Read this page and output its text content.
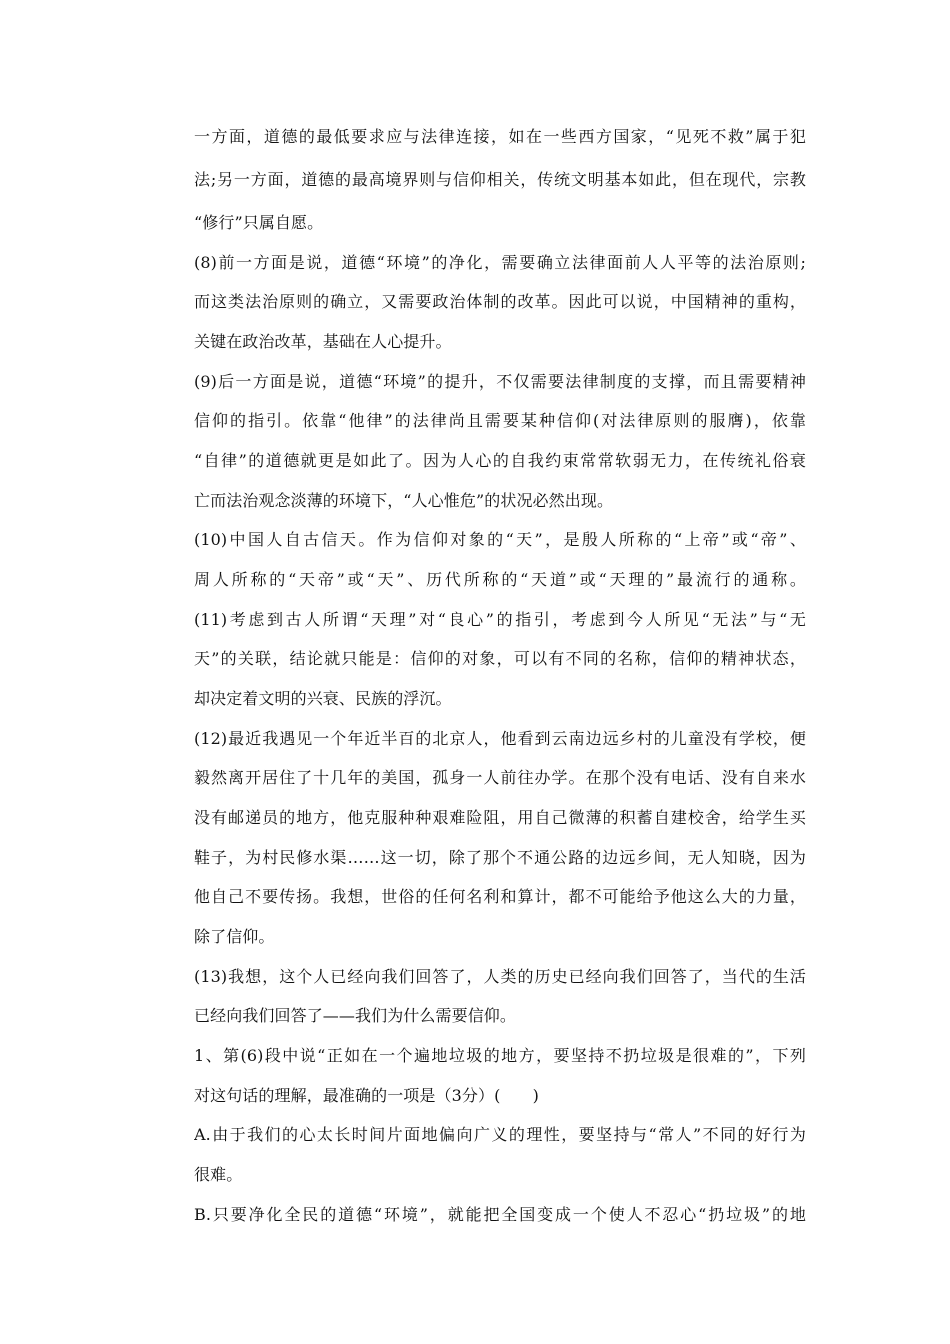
一方面，道德的最低要求应与法律连接，如在一些西方国家，“见死不救”属于犯
法;另一方面，道德的最高境界则与信仰相关，传统文明基本如此，但在现代，宗教
“修行”只属自愿。
(8)前一方面是说，道德“环境”的净化，需要确立法律面前人人平等的法治原则;
而这类法治原则的确立，又需要政治体制的改革。因此可以说，中国精神的重构，
关键在政治改革，基础在人心提升。
(9)后一方面是说，道德“环境”的提升，不仅需要法律制度的支撑，而且需要精神
信仰的指引。依靠“他律”的法律尚且需要某种信仰(对法律原则的服膺)，依靠
“自律”的道德就更是如此了。因为人心的自我约束常常软弱无力，在传统礼俗衰
亡而法治观念淡薄的环境下，“人心惟危”的状况必然出现。
(10)中国人自古信天。作为信仰对象的“天”，是殷人所称的“上帝”或“帝”、
周人所称的“天帝”或“天”、历代所称的“天道”或“天理的”最流行的通称。
(11)考虑到古人所谓“天理”对“良心”的指引，考虑到今人所见“无法”与“无
天”的关联，结论就只能是：信仰的对象，可以有不同的名称，信仰的精神状态，
却决定着文明的兴衰、民族的浮沉。
(12)最近我遇见一个年近半百的北京人，他看到云南边远乡村的儿童没有学校，便
毅然离开居住了十几年的美国，孤身一人前往办学。在那个没有电话、没有自来水
没有邮递员的地方，他克服种种艰难险阻，用自己微薄的积蓄自建校舍，给学生买
鞋子，为村民修水渠……这一切，除了那个不通公路的边远乡间，无人知晓，因为
他自己不要传扬。我想，世俗的任何名利和算计，都不可能给予他这么大的力量，
除了信仰。
(13)我想，这个人已经向我们回答了，人类的历史已经向我们回答了，当代的生活
已经向我们回答了——我们为什么需要信仰。
1、第(6)段中说“正如在一个遍地垃圾的地方，要坚持不扔垃圾是很难的”，下列
对这句话的理解，最准确的一项是（3分）(　　)
A.由于我们的心太长时间片面地偏向广义的理性，要坚持与“常人”不同的好行为
很难。
B.只要净化全民的道德“环境”，就能把全国变成一个使人不忍心“扔垃圾”的地
